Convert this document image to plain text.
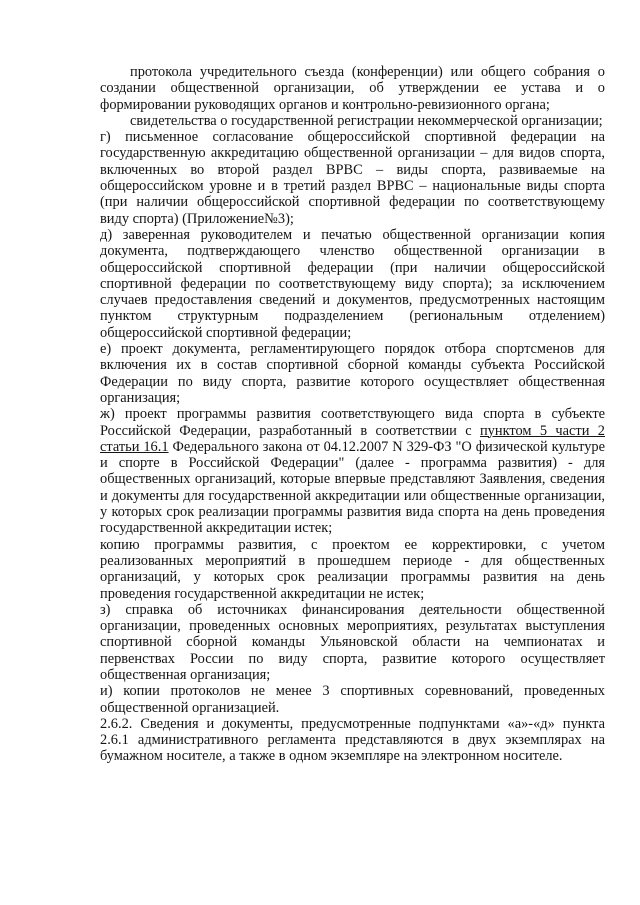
протокола учредительного съезда (конференции) или общего собрания о создании общественной организации, об утверждении ее устава и о формировании руководящих органов и контрольно-ревизионного органа;

свидетельства о государственной регистрации некоммерческой организации;

г) письменное согласование общероссийской спортивной федерации на государственную аккредитацию общественной организации – для видов спорта, включенных во второй раздел ВРВС – виды спорта, развиваемые на общероссийском уровне и в третий раздел ВРВС – национальные виды спорта (при наличии общероссийской спортивной федерации по соответствующему виду спорта) (Приложение№3);

д) заверенная руководителем и печатью общественной организации копия документа, подтверждающего членство общественной организации в общероссийской спортивной федерации (при наличии общероссийской спортивной федерации по соответствующему виду спорта); за исключением случаев предоставления сведений и документов, предусмотренных настоящим пунктом структурным подразделением (региональным отделением) общероссийской спортивной федерации;

е) проект документа, регламентирующего порядок отбора спортсменов для включения их в состав спортивной сборной команды субъекта Российской Федерации по виду спорта, развитие которого осуществляет общественная организация;

ж) проект программы развития соответствующего вида спорта в субъекте Российской Федерации, разработанный в соответствии с пунктом 5 части 2 статьи 16.1 Федерального закона от 04.12.2007 N 329-ФЗ "О физической культуре и спорте в Российской Федерации" (далее - программа развития) - для общественных организаций, которые впервые представляют Заявления, сведения и документы для государственной аккредитации или общественные организации, у которых срок реализации программы развития вида спорта на день проведения государственной аккредитации истек;

копию программы развития, с проектом ее корректировки, с учетом реализованных мероприятий в прошедшем периоде - для общественных организаций, у которых срок реализации программы развития на день проведения государственной аккредитации не истек;

з) справка об источниках финансирования деятельности общественной организации, проведенных основных мероприятиях, результатах выступления спортивной сборной команды Ульяновской области на чемпионатах и первенствах России по виду спорта, развитие которого осуществляет общественная организация;

и) копии протоколов не менее 3 спортивных соревнований, проведенных общественной организацией.

2.6.2. Сведения и документы, предусмотренные подпунктами «а»-«д» пункта 2.6.1 административного регламента представляются в двух экземплярах на бумажном носителе, а также в одном экземпляре на электронном носителе.
